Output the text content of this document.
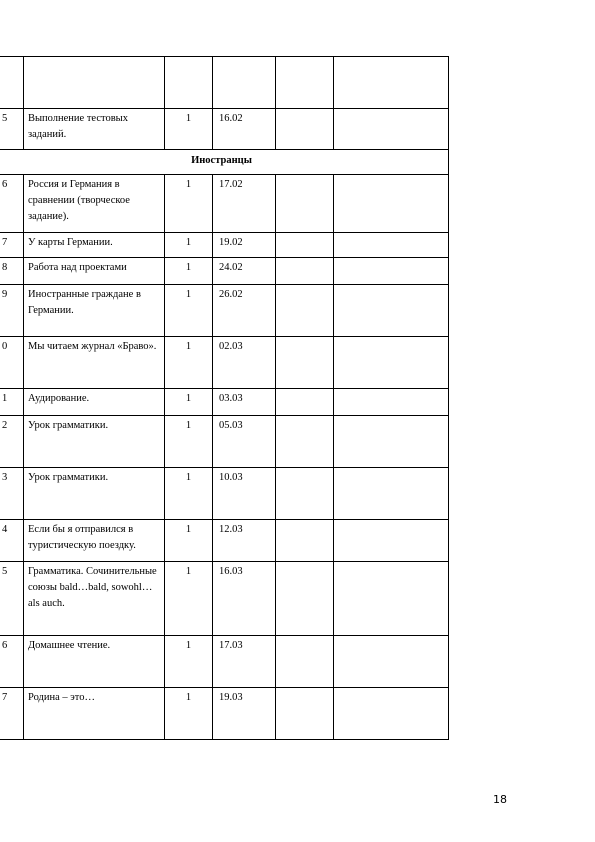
5	Выполнение тестовых заданий.	1	16.02		
Иностранцы					
6	Россия и Германия в сравнении (творческое задание).	1	17.02		
7	У карты Германии.	1	19.02		
8	Работа над проектами	1	24.02		
9	Иностранные граждане в Германии.	1	26.02		
0	Мы читаем журнал «Браво».	1	02.03		
1	Аудирование.	1	03.03		
2	Урок грамматики.	1	05.03		
3	Урок грамматики.	1	10.03		
4	Если бы я отправился в туристическую поездку.	1	12.03		
5	Грамматика. Сочинительные союзы bald…bald, sowohl…als auch.	1	16.03		
6	Домашнее чтение.	1	17.03		
7	Родина – это…	1	19.03		
18
